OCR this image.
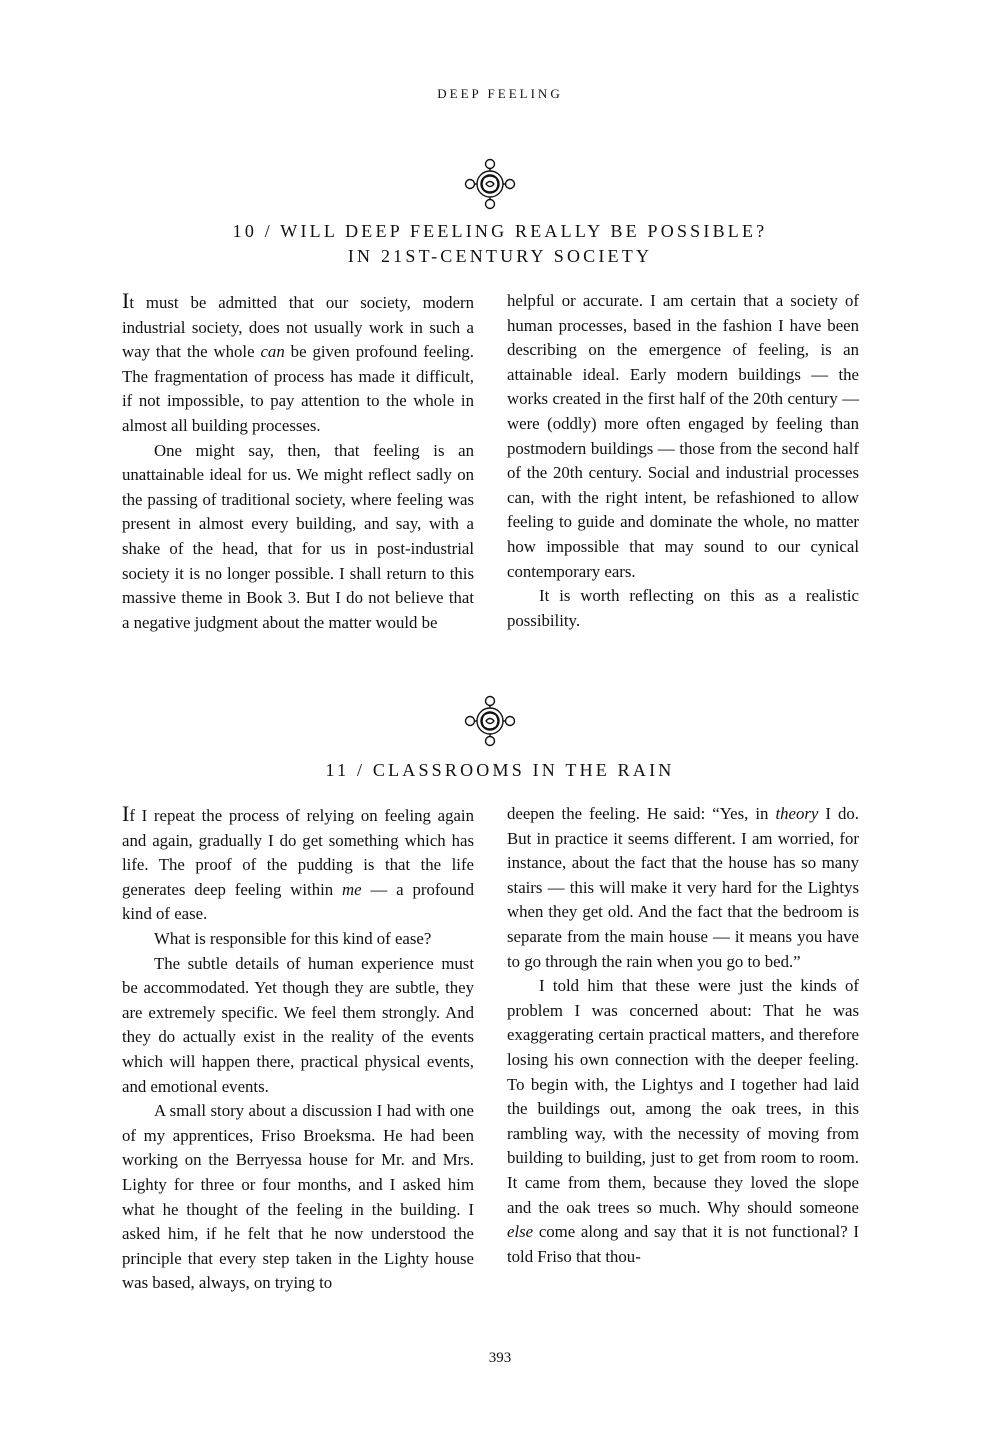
DEEP FEELING
10 / WILL DEEP FEELING REALLY BE POSSIBLE?
IN 21ST-CENTURY SOCIETY

It must be admitted that our society, modern industrial society, does not usually work in such a way that the whole can be given profound feeling. The fragmentation of process has made it difficult, if not impossible, to pay attention to the whole in almost all building processes.

One might say, then, that feeling is an unattainable ideal for us. We might reflect sadly on the passing of traditional society, where feeling was present in almost every building, and say, with a shake of the head, that for us in post-industrial society it is no longer possible. I shall return to this massive theme in Book 3. But I do not believe that a negative judgment about the matter would be

helpful or accurate. I am certain that a society of human processes, based in the fashion I have been describing on the emergence of feeling, is an attainable ideal. Early modern buildings — the works created in the first half of the 20th century — were (oddly) more often engaged by feeling than postmodern buildings — those from the second half of the 20th century. Social and industrial processes can, with the right intent, be refashioned to allow feeling to guide and dominate the whole, no matter how impossible that may sound to our cynical contemporary ears.

It is worth reflecting on this as a realistic possibility.

11 / CLASSROOMS IN THE RAIN

If I repeat the process of relying on feeling again and again, gradually I do get something which has life. The proof of the pudding is that the life generates deep feeling within me — a profound kind of ease.

What is responsible for this kind of ease?

The subtle details of human experience must be accommodated. Yet though they are subtle, they are extremely specific. We feel them strongly. And they do actually exist in the reality of the events which will happen there, practical physical events, and emotional events.

A small story about a discussion I had with one of my apprentices, Friso Broeksma. He had been working on the Berryessa house for Mr. and Mrs. Lighty for three or four months, and I asked him what he thought of the feeling in the building. I asked him, if he felt that he now understood the principle that every step taken in the Lighty house was based, always, on trying to

deepen the feeling. He said: “Yes, in theory I do. But in practice it seems different. I am worried, for instance, about the fact that the house has so many stairs — this will make it very hard for the Lightys when they get old. And the fact that the bedroom is separate from the main house — it means you have to go through the rain when you go to bed.”

I told him that these were just the kinds of problem I was concerned about: That he was exaggerating certain practical matters, and therefore losing his own connection with the deeper feeling. To begin with, the Lightys and I together had laid the buildings out, among the oak trees, in this rambling way, with the necessity of moving from building to building, just to get from room to room. It came from them, because they loved the slope and the oak trees so much. Why should someone else come along and say that it is not functional? I told Friso that thou-

393
